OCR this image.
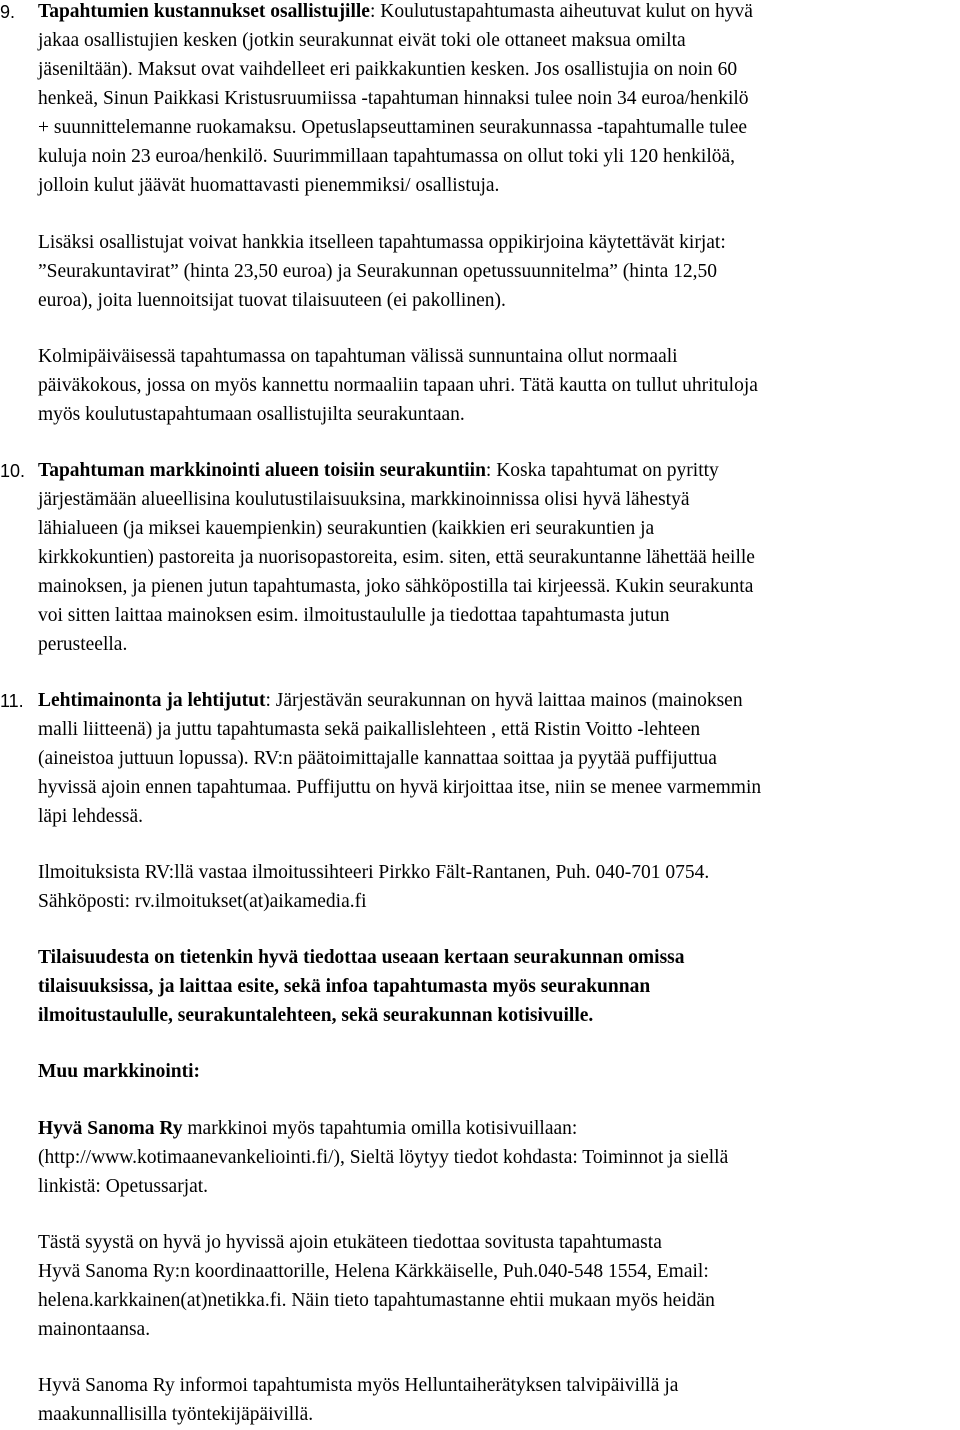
9. Tapahtumien kustannukset osallistujille: Koulutustapahtumasta aiheutuvat kulut on hyvä
jakaa osallistujien kesken (jotkin seurakunnat eivät toki ole ottaneet maksua omilta
jäseniltään). Maksut ovat vaihdelleet eri paikkakuntien kesken. Jos osallistujia on noin 60
henkeä, Sinun Paikkasi Kristusruumiissa -tapahtuman hinnaksi tulee noin 34 euroa/henkilö
+ suunnittelemanne ruokamaksu. Opetuslapseuttaminen seurakunnassa -tapahtumalle tulee
kuluja noin 23 euroa/henkilö. Suurimmillaan tapahtumassa on ollut toki yli 120 henkilöä,
jolloin kulut jäävät huomattavasti pienemmiksi/ osallistuja.
Lisäksi osallistujat voivat hankkia itselleen tapahtumassa oppikirjoina käytettävät kirjat:
”Seurakuntavirat” (hinta 23,50 euroa) ja Seurakunnan opetussuunnitelma” (hinta 12,50
euroa), joita luennoitsijat tuovat tilaisuuteen (ei pakollinen).
Kolmipäiväisessä tapahtumassa on tapahtuman välissä sunnuntaina ollut normaali
päiväkokous, jossa on myös kannettu normaaliin tapaan uhri. Tätä kautta on tullut uhrituloja
myös koulutustapahtumaan osallistujilta seurakuntaan.
10. Tapahtuman markkinointi alueen toisiin seurakuntiin: Koska tapahtumat on pyritty
järjestämään alueellisina koulutustilaisuuksina, markkinoinnissa olisi hyvä lähestyä
lähialueen (ja miksei kauempienkin) seurakuntien (kaikkien eri seurakuntien ja
kirkkokuntien) pastoreita ja nuorisopastoreita, esim. siten, että seurakuntanne lähettää heille
mainoksen, ja pienen jutun tapahtumasta, joko sähköpostilla tai kirjeessä. Kukin seurakunta
voi sitten laittaa mainoksen esim. ilmoitustaululle ja tiedottaa tapahtumasta jutun
perusteella.
11. Lehtimainonta ja lehtijutut: Järjestävän seurakunnan on hyvä laittaa mainos (mainoksen
malli liitteenä) ja juttu tapahtumasta sekä paikallislehteen , että Ristin Voitto -lehteen
(aineistoa juttuun lopussa). RV:n päätoimittajalle kannattaa soittaa ja pyytää puffijuttua
hyvissä ajoin ennen tapahtumaa. Puffijuttu on hyvä kirjoittaa itse, niin se menee varmemmin
läpi lehdessä.
Ilmoituksista RV:llä vastaa ilmoitussihteeri Pirkko Fält-Rantanen, Puh. 040-701 0754.
Sähköposti: rv.ilmoitukset(at)aikamedia.fi
Tilaisuudesta on tietenkin hyvä tiedottaa useaan kertaan seurakunnan omissa
tilaisuuksissa, ja laittaa esite, sekä infoa tapahtumasta myös seurakunnan
ilmoitustaululle, seurakuntalehteen, sekä seurakunnan kotisivuille.
Muu markkinointi:
Hyvä Sanoma Ry markkinoi myös tapahtumia omilla kotisivuillaan:
(http://www.kotimaanevankeliointi.fi/), Sieltä löytyy tiedot kohdasta: Toiminnot ja siellä
linkistä: Opetussarjat.
Tästä syystä on hyvä jo hyvissä ajoin etukäteen tiedottaa sovitusta tapahtumasta
Hyvä Sanoma Ry:n koordinaattorille, Helena Kärkkäiselle, Puh.040-548 1554, Email:
helena.karkkainen(at)netikka.fi. Näin tieto tapahtumastanne ehtii mukaan myös heidän
mainontaansa.
Hyvä Sanoma Ry informoi tapahtumista myös Helluntaiherätyksen talvipäivillä ja
maakunnallisilla työntekijäpäivillä.
